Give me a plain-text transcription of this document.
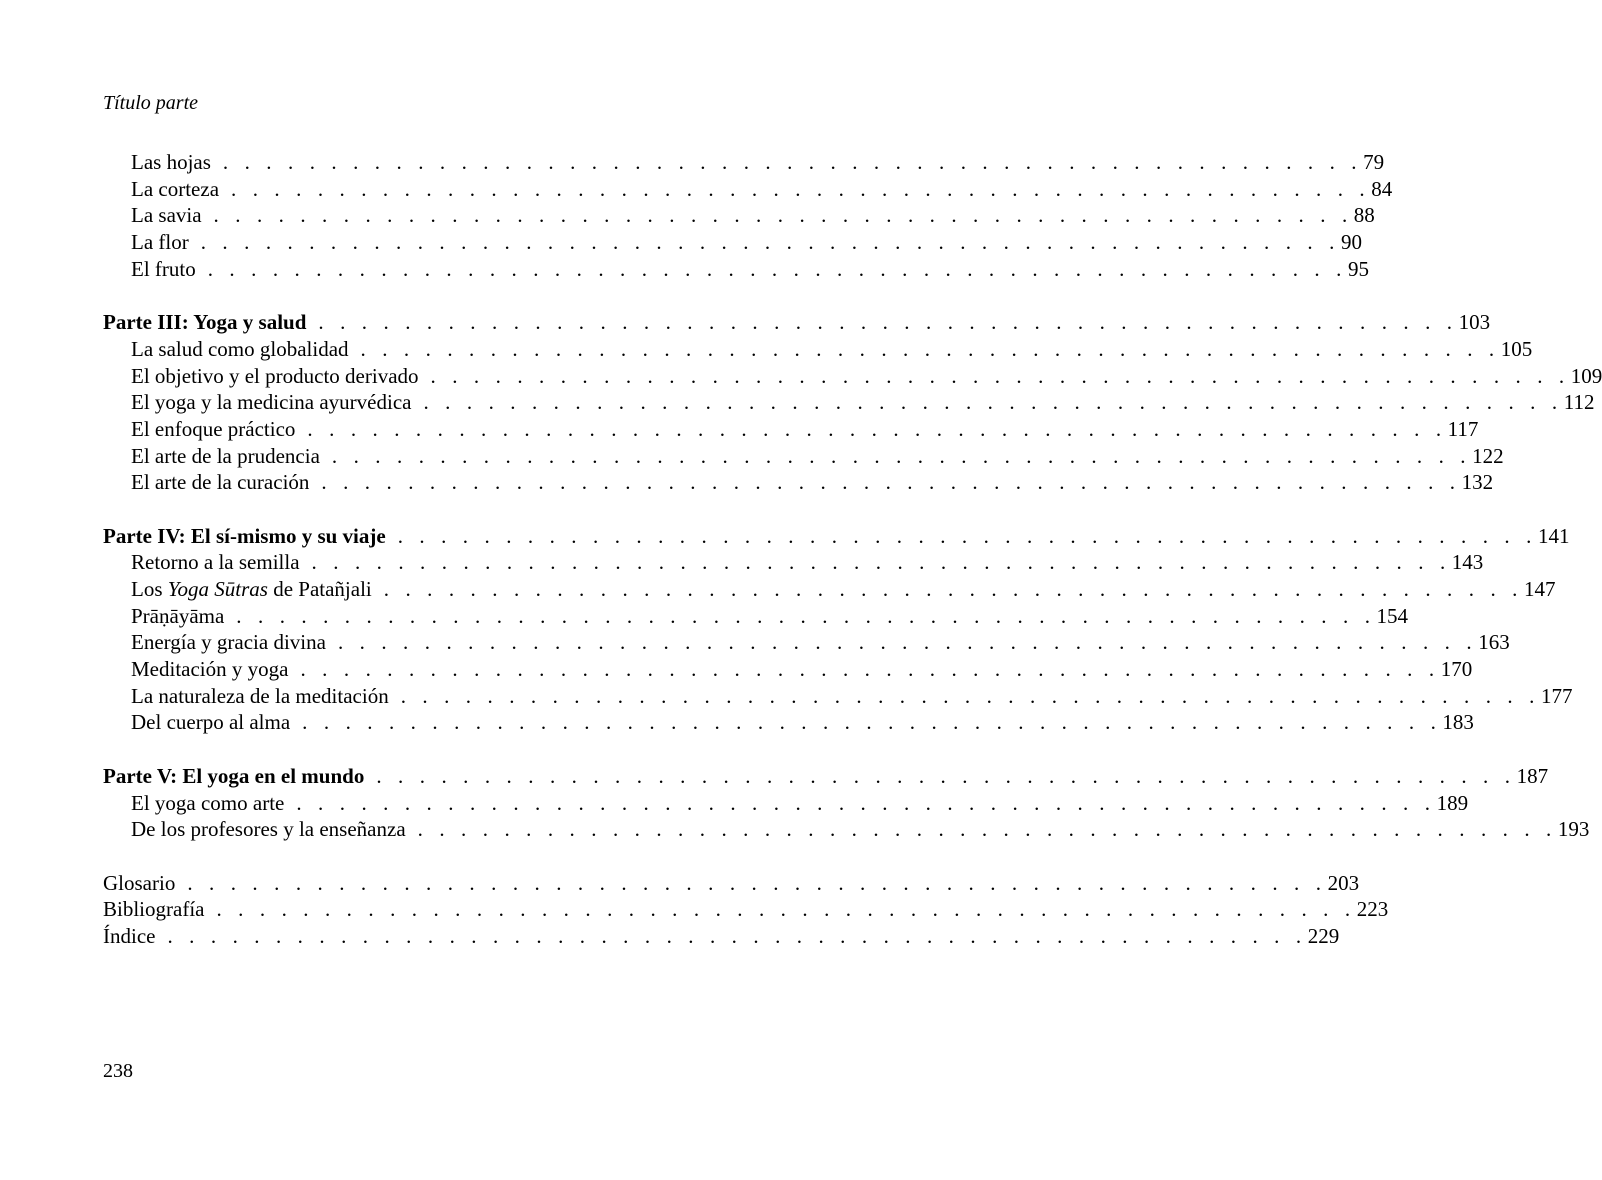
Título parte
Las hojas . . . . . . . . . . . . . . . . . . . . . . . . . . . . . . . . . . . . . . . . . . . . . . . . . . . . . 79
La corteza . . . . . . . . . . . . . . . . . . . . . . . . . . . . . . . . . . . . . . . . . . . . . . . . . . . . . 84
La savia . . . . . . . . . . . . . . . . . . . . . . . . . . . . . . . . . . . . . . . . . . . . . . . . . . . . . 88
La flor . . . . . . . . . . . . . . . . . . . . . . . . . . . . . . . . . . . . . . . . . . . . . . . . . . . . . 90
El fruto . . . . . . . . . . . . . . . . . . . . . . . . . . . . . . . . . . . . . . . . . . . . . . . . . . . . . 95
Parte III: Yoga y salud . . . . . . . . . . . . . . . . . . . . . . . . . . . . . . . . . . . . . . . . . . . . . . . . . . . . . 103
La salud como globalidad . . . . . . . . . . . . . . . . . . . . . . . . . . . . . . . . . . . . . . . . . . . . . . . . . . . . . 105
El objetivo y el producto derivado . . . . . . . . . . . . . . . . . . . . . . . . . . . . . . . . . . . . . . . . . . . . . . . . . . . . . 109
El yoga y la medicina ayurvédica . . . . . . . . . . . . . . . . . . . . . . . . . . . . . . . . . . . . . . . . . . . . . . . . . . . . . 112
El enfoque práctico . . . . . . . . . . . . . . . . . . . . . . . . . . . . . . . . . . . . . . . . . . . . . . . . . . . . . 117
El arte de la prudencia . . . . . . . . . . . . . . . . . . . . . . . . . . . . . . . . . . . . . . . . . . . . . . . . . . . . . 122
El arte de la curación . . . . . . . . . . . . . . . . . . . . . . . . . . . . . . . . . . . . . . . . . . . . . . . . . . . . . 132
Parte IV: El sí-mismo y su viaje . . . . . . . . . . . . . . . . . . . . . . . . . . . . . . . . . . . . . . . . . . . . . . . . . . . . . 141
Retorno a la semilla . . . . . . . . . . . . . . . . . . . . . . . . . . . . . . . . . . . . . . . . . . . . . . . . . . . . . 143
Los Yoga Sūtras de Patañjali . . . . . . . . . . . . . . . . . . . . . . . . . . . . . . . . . . . . . . . . . . . . . . . . . . . . . 147
Prāṇāyāma . . . . . . . . . . . . . . . . . . . . . . . . . . . . . . . . . . . . . . . . . . . . . . . . . . . . . 154
Energía y gracia divina . . . . . . . . . . . . . . . . . . . . . . . . . . . . . . . . . . . . . . . . . . . . . . . . . . . . . 163
Meditación y yoga . . . . . . . . . . . . . . . . . . . . . . . . . . . . . . . . . . . . . . . . . . . . . . . . . . . . . 170
La naturaleza de la meditación . . . . . . . . . . . . . . . . . . . . . . . . . . . . . . . . . . . . . . . . . . . . . . . . . . . . . 177
Del cuerpo al alma . . . . . . . . . . . . . . . . . . . . . . . . . . . . . . . . . . . . . . . . . . . . . . . . . . . . . 183
Parte V: El yoga en el mundo . . . . . . . . . . . . . . . . . . . . . . . . . . . . . . . . . . . . . . . . . . . . . . . . . . . . . 187
El yoga como arte . . . . . . . . . . . . . . . . . . . . . . . . . . . . . . . . . . . . . . . . . . . . . . . . . . . . . 189
De los profesores y la enseñanza . . . . . . . . . . . . . . . . . . . . . . . . . . . . . . . . . . . . . . . . . . . . . . . . . . . . . 193
Glosario . . . . . . . . . . . . . . . . . . . . . . . . . . . . . . . . . . . . . . . . . . . . . . . . . . . . . 203
Bibliografía . . . . . . . . . . . . . . . . . . . . . . . . . . . . . . . . . . . . . . . . . . . . . . . . . . . . . 223
Índice . . . . . . . . . . . . . . . . . . . . . . . . . . . . . . . . . . . . . . . . . . . . . . . . . . . . . 229
238
